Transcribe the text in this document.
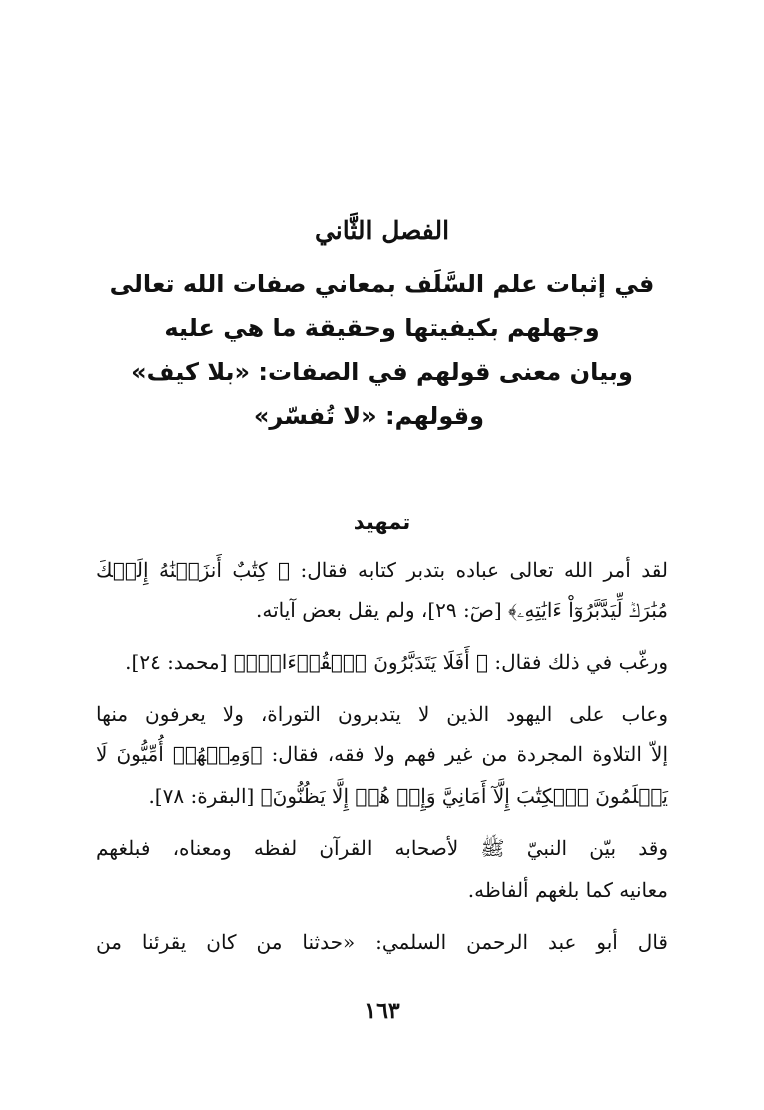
الفصل الثَّاني
في إثبات علم السَّلَف بمعاني صفات الله تعالى
وجهلهم بكيفيتها وحقيقة ما هي عليه
وبيان معنى قولهم في الصفات: «بلا كيف»
وقولهم: «لا تُفسّر»
تمهيد
لقد أمر الله تعالى عباده بتدبر كتابه فقال: ﴿ كِتَٰبٌ أَنزَلۡنَٰهُ إِلَيۡكَ
مُبَٰرَكٞ لِّيَدَّبَّرُوٓاْ ءَايَٰتِهِۦ﴾ [صٓ: ٢٩]، ولم يقل بعض آياته.
ورغّب في ذلك فقال: ﴿ أَفَلَا يَتَدَبَّرُونَ ٱلۡقُرۡءَانَۚ﴾ [محمد: ٢٤].
وعاب على اليهود الذين لا يتدبرون التوراة، ولا يعرفون منها
إلاّ التلاوة المجردة من غير فهم ولا فقه، فقال: ﴿وَمِنۡهُمۡ أُمِّيُّونَ لَا
يَعۡلَمُونَ ٱلۡكِتَٰبَ إِلَّآ أَمَانِيَّ وَإِنۡ هُمۡ إِلَّا يَظُنُّونَ﴾ [البقرة: ٧٨].
وقد بيّن النبيّ ﷺ لأصحابه القرآن لفظه ومعناه، فبلغهم
معانيه كما بلغهم ألفاظه.
قال أبو عبد الرحمن السلمي: «حدثنا من كان يقرئنا من
١٦٣
